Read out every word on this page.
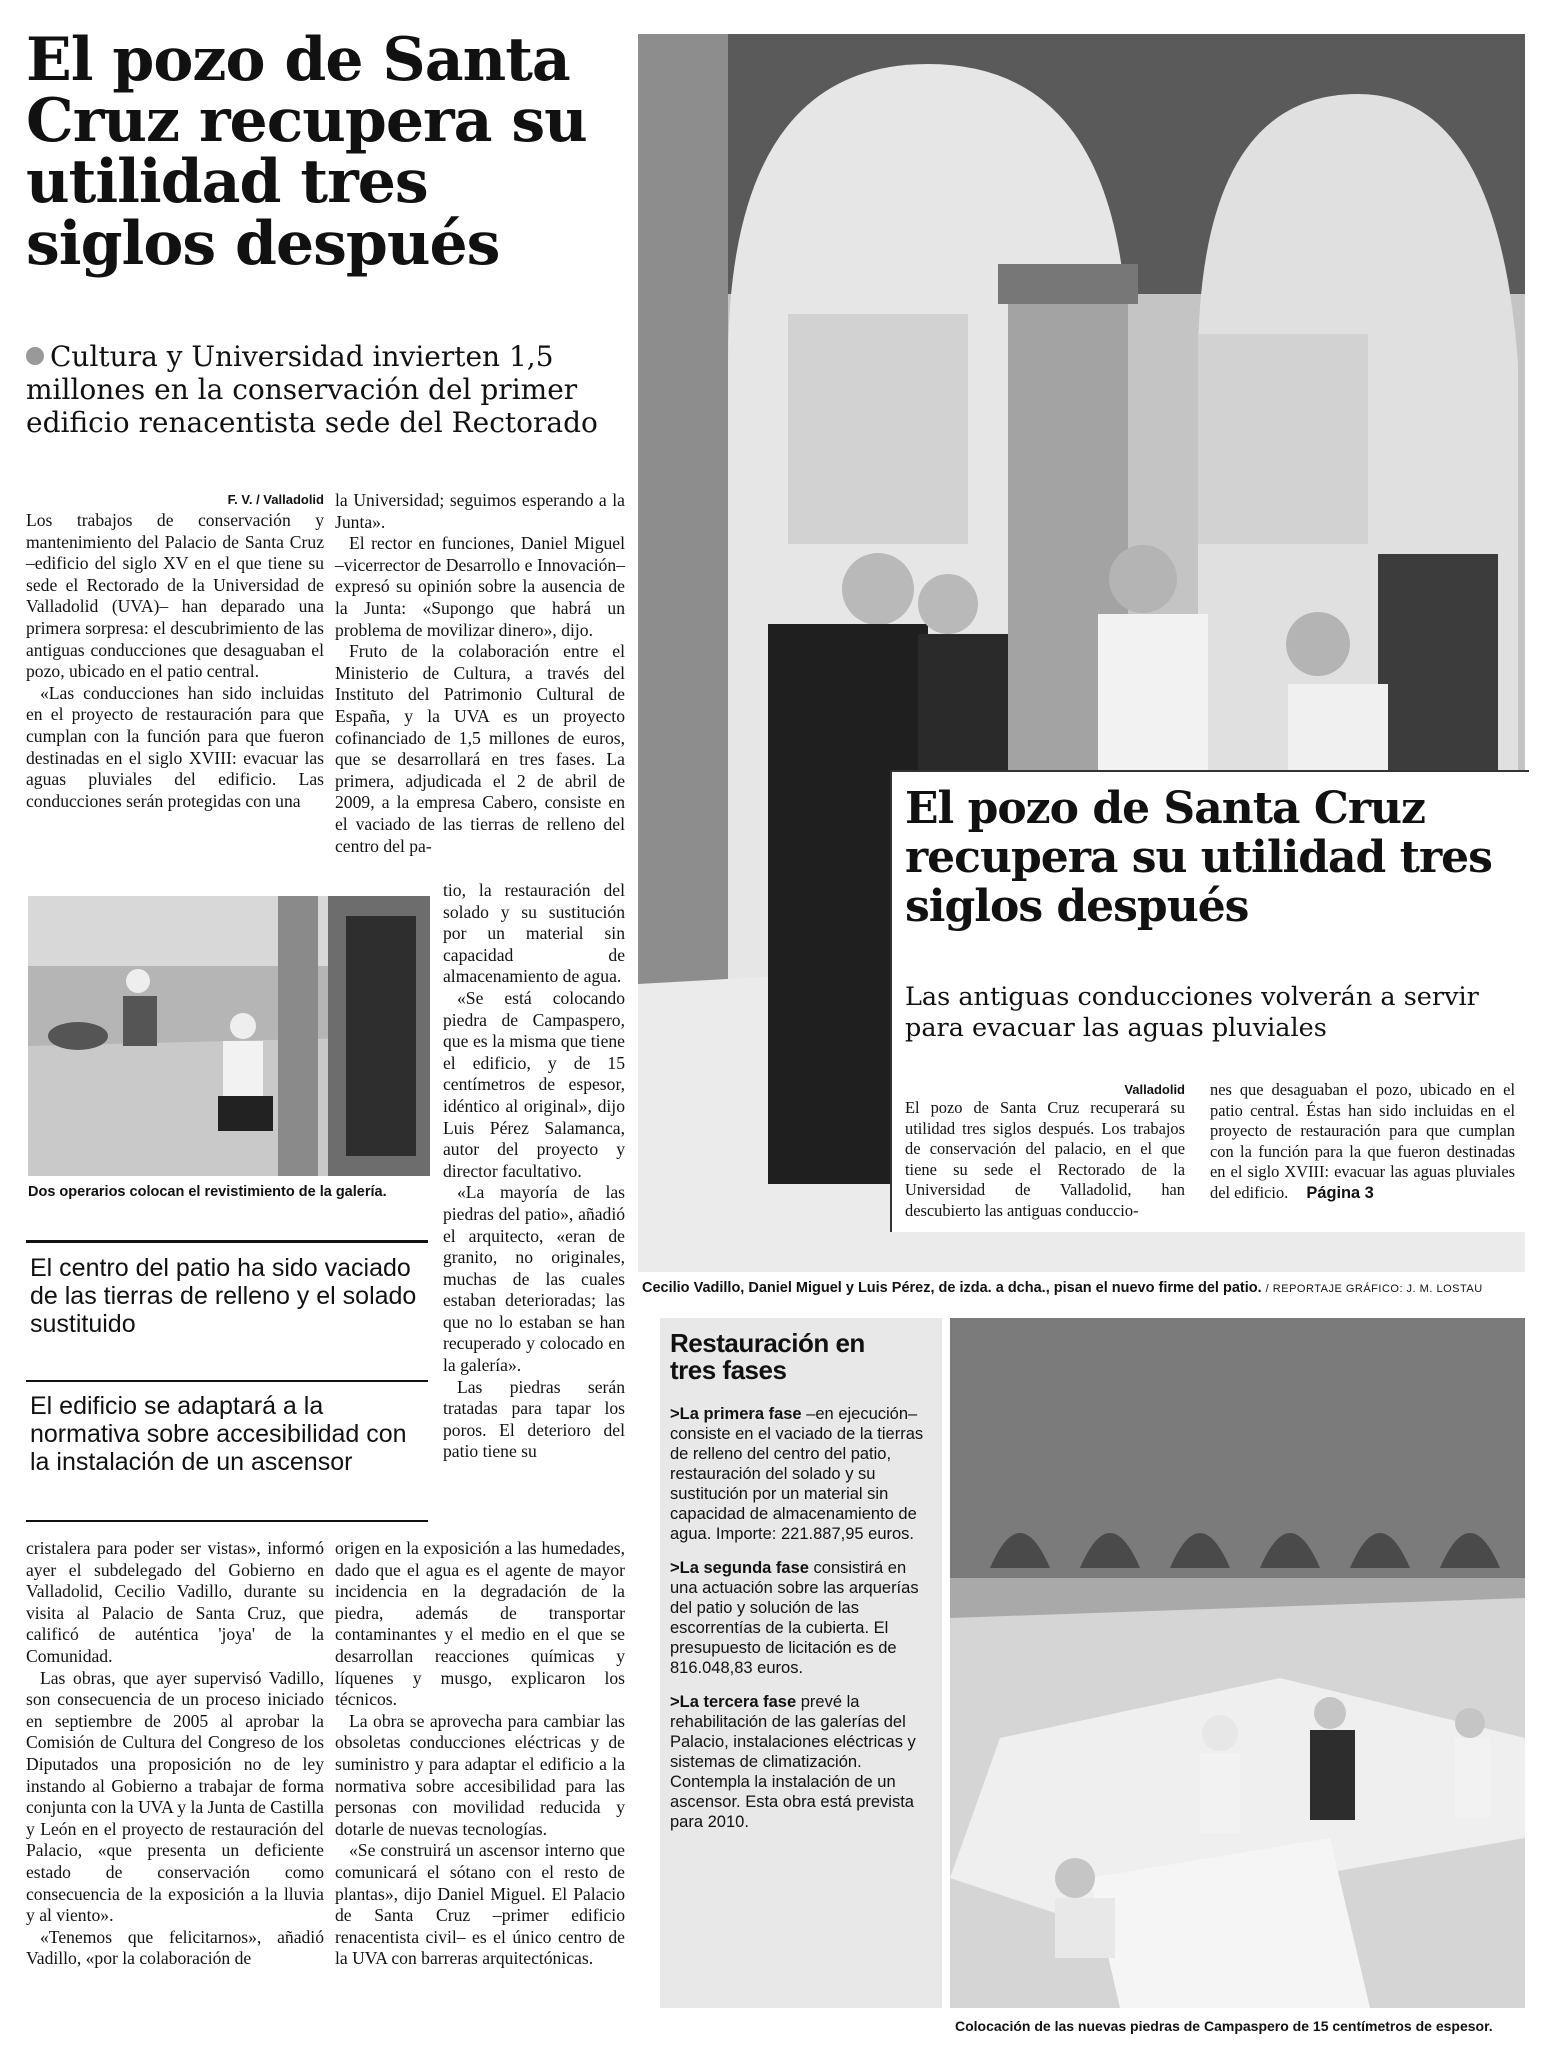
El pozo de Santa Cruz recupera su utilidad tres siglos después
Cultura y Universidad invierten 1,5 millones en la conservación del primer edificio renacentista sede del Rectorado
F. V. / Valladolid

Los trabajos de conservación y mantenimiento del Palacio de Santa Cruz –edificio del siglo XV en el que tiene su sede el Rectorado de la Universidad de Valladolid (UVA)– han deparado una primera sorpresa: el descubrimiento de las antiguas conducciones que desaguaban el pozo, ubicado en el patio central.

«Las conducciones han sido incluidas en el proyecto de restauración para que cumplan con la función para que fueron destinadas en el siglo XVIII: evacuar las aguas pluviales del edificio. Las conducciones serán protegidas con una

la Universidad; seguimos esperando a la Junta».

El rector en funciones, Daniel Miguel –vicerrector de Desarrollo e Innovación– expresó su opinión sobre la ausencia de la Junta: «Supongo que habrá un problema de movilizar dinero», dijo.

Fruto de la colaboración entre el Ministerio de Cultura, a través del Instituto del Patrimonio Cultural de España, y la UVA es un proyecto cofinanciado de 1,5 millones de euros, que se desarrollará en tres fases. La primera, adjudicada el 2 de abril de 2009, a la empresa Cabero, consiste en el vaciado de las tierras de relleno del centro del pa-

tio, la restauración del solado y su sustitución por un material sin capacidad de almacenamiento de agua.

«Se está colocando piedra de Campaspero, que es la misma que tiene el edificio, y de 15 centímetros de espesor, idéntico al original», dijo Luis Pérez Salamanca, autor del proyecto y director facultativo.

«La mayoría de las piedras del patio», añadió el arquitecto, «eran de granito, no originales, muchas de las cuales estaban deterioradas; las que no lo estaban se han recuperado y colocado en la galería».

Las piedras serán tratadas para tapar los poros. El deterioro del patio tiene su

Dos operarios colocan el revistimiento de la galería.
El centro del patio ha sido vaciado de las tierras de relleno y el solado sustituido
El edificio se adaptará a la normativa sobre accesibilidad con la instalación de un ascensor

cristalera para poder ser vistas», informó ayer el subdelegado del Gobierno en Valladolid, Cecilio Vadillo, durante su visita al Palacio de Santa Cruz, que calificó de auténtica 'joya' de la Comunidad.

Las obras, que ayer supervisó Vadillo, son consecuencia de un proceso iniciado en septiembre de 2005 al aprobar la Comisión de Cultura del Congreso de los Diputados una proposición no de ley instando al Gobierno a trabajar de forma conjunta con la UVA y la Junta de Castilla y León en el proyecto de restauración del Palacio, «que presenta un deficiente estado de conservación como consecuencia de la exposición a la lluvia y al viento».

«Tenemos que felicitarnos», añadió Vadillo, «por la colaboración de

origen en la exposición a las humedades, dado que el agua es el agente de mayor incidencia en la degradación de la piedra, además de transportar contaminantes y el medio en el que se desarrollan reacciones químicas y líquenes y musgo, explicaron los técnicos.

La obra se aprovecha para cambiar las obsoletas conducciones eléctricas y de suministro y para adaptar el edificio a la normativa sobre accesibilidad para las personas con movilidad reducida y dotarle de nuevas tecnologías.

«Se construirá un ascensor interno que comunicará el sótano con el resto de plantas», dijo Daniel Miguel. El Palacio de Santa Cruz –primer edificio renacentista civil– es el único centro de la UVA con barreras arquitectónicas.

El pozo de Santa Cruz recupera su utilidad tres siglos después
Las antiguas conducciones volverán a servir para evacuar las aguas pluviales
Valladolid
El pozo de Santa Cruz recuperará su utilidad tres siglos después. Los trabajos de conservación del palacio, en el que tiene su sede el Rectorado de la Universidad de Valladolid, han descubierto las antiguas conduccio-
nes que desaguaban el pozo, ubicado en el patio central. Éstas han sido incluidas en el proyecto de restauración para que cumplan con la función para la que fueron destinadas en el siglo XVIII: evacuar las aguas pluviales del edificio. Página 3
Cecilio Vadillo, Daniel Miguel y Luis Pérez, de izda. a dcha., pisan el nuevo firme del patio. / REPORTAJE GRÁFICO: J. M. LOSTAU
Restauración en tres fases

>La primera fase –en ejecución– consiste en el vaciado de la tierras de relleno del centro del patio, restauración del solado y su sustitución por un material sin capacidad de almacenamiento de agua. Importe: 221.887,95 euros.

>La segunda fase consistirá en una actuación sobre las arquerías del patio y solución de las escorrentías de la cubierta. El presupuesto de licitación es de 816.048,83 euros.

>La tercera fase prevé la rehabilitación de las galerías del Palacio, instalaciones eléctricas y sistemas de climatización. Contempla la instalación de un ascensor. Esta obra está prevista para 2010.

Colocación de las nuevas piedras de Campaspero de 15 centímetros de espesor.
